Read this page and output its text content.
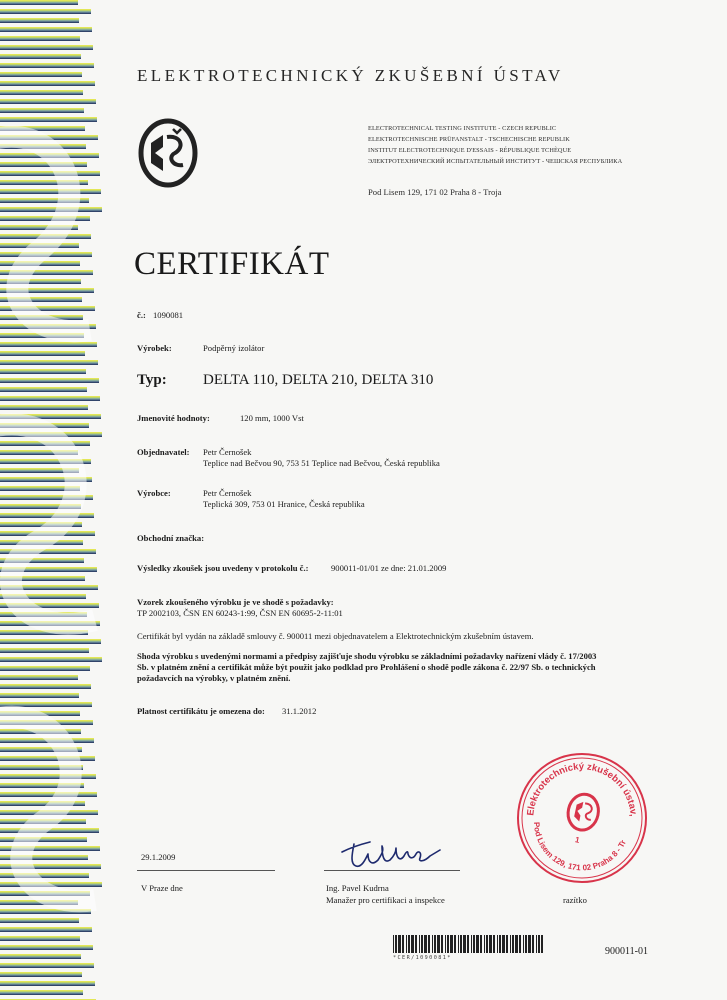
ELEKTROTECHNICKÝ ZKUŠEBNÍ ÚSTAV
ELECTROTECHNICAL TESTING INSTITUTE - CZECH REPUBLIC
ELEKTROTECHNISCHE PRÜFANSTALT - TSCHECHISCHE REPUBLIK
INSTITUT ELECTROTECHNIQUE D'ESSAIS - RÉPUBLIQUE TCHÈQUE
ЭЛЕКТРОТЕХНИЧЕСКИЙ ИСПЫТАТЕЛЬНЫЙ ИНСТИТУТ - ЧЕШСКАЯ РЕСПУБЛИКА
Pod Lisem 129, 171 02 Praha 8 - Troja
CERTIFIKÁT
č.: 1090081
Výrobek:	Podpěrný izolátor
Typ: DELTA 110, DELTA 210, DELTA 310
Jmenovité hodnoty:	120 mm, 1000 Vst
Objednavatel: Petr Černošek
Teplice nad Bečvou 90, 753 51 Teplice nad Bečvou, Česká republika
Výrobce:	Petr Černošek
Teplická 309, 753 01 Hranice, Česká republika
Obchodní značka:
Výsledky zkoušek jsou uvedeny v protokolu č.:	900011-01/01 ze dne: 21.01.2009
Vzorek zkoušeného výrobku je ve shodě s požadavky:
TP 2002103, ČSN EN 60243-1:99, ČSN EN 60695-2-11:01
Certifikát byl vydán na základě smlouvy č. 900011 mezi objednavatelem a Elektrotechnickým zkušebním ústavem.
Shoda výrobku s uvedenými normami a předpisy zajišťuje shodu výrobku se základními požadavky nařízení vlády č. 17/2003
Sb. v platném znění a certifikát může být použit jako podklad pro Prohlášení o shodě podle zákona č. 22/97 Sb. o technických
požadavcích na výrobky, v platném znění.
Platnost certifikátu je omezena do: 31.1.2012
Elektrotechnický zkušební ústav,
Pod Lisem 129, 171 02 Praha 8 - Troja
1
29.1.2009
V Praze dne	Ing. Pavel Kudrna
Manažer pro certifikaci a inspekce	razítko
*CER/1090081*
900011-01
